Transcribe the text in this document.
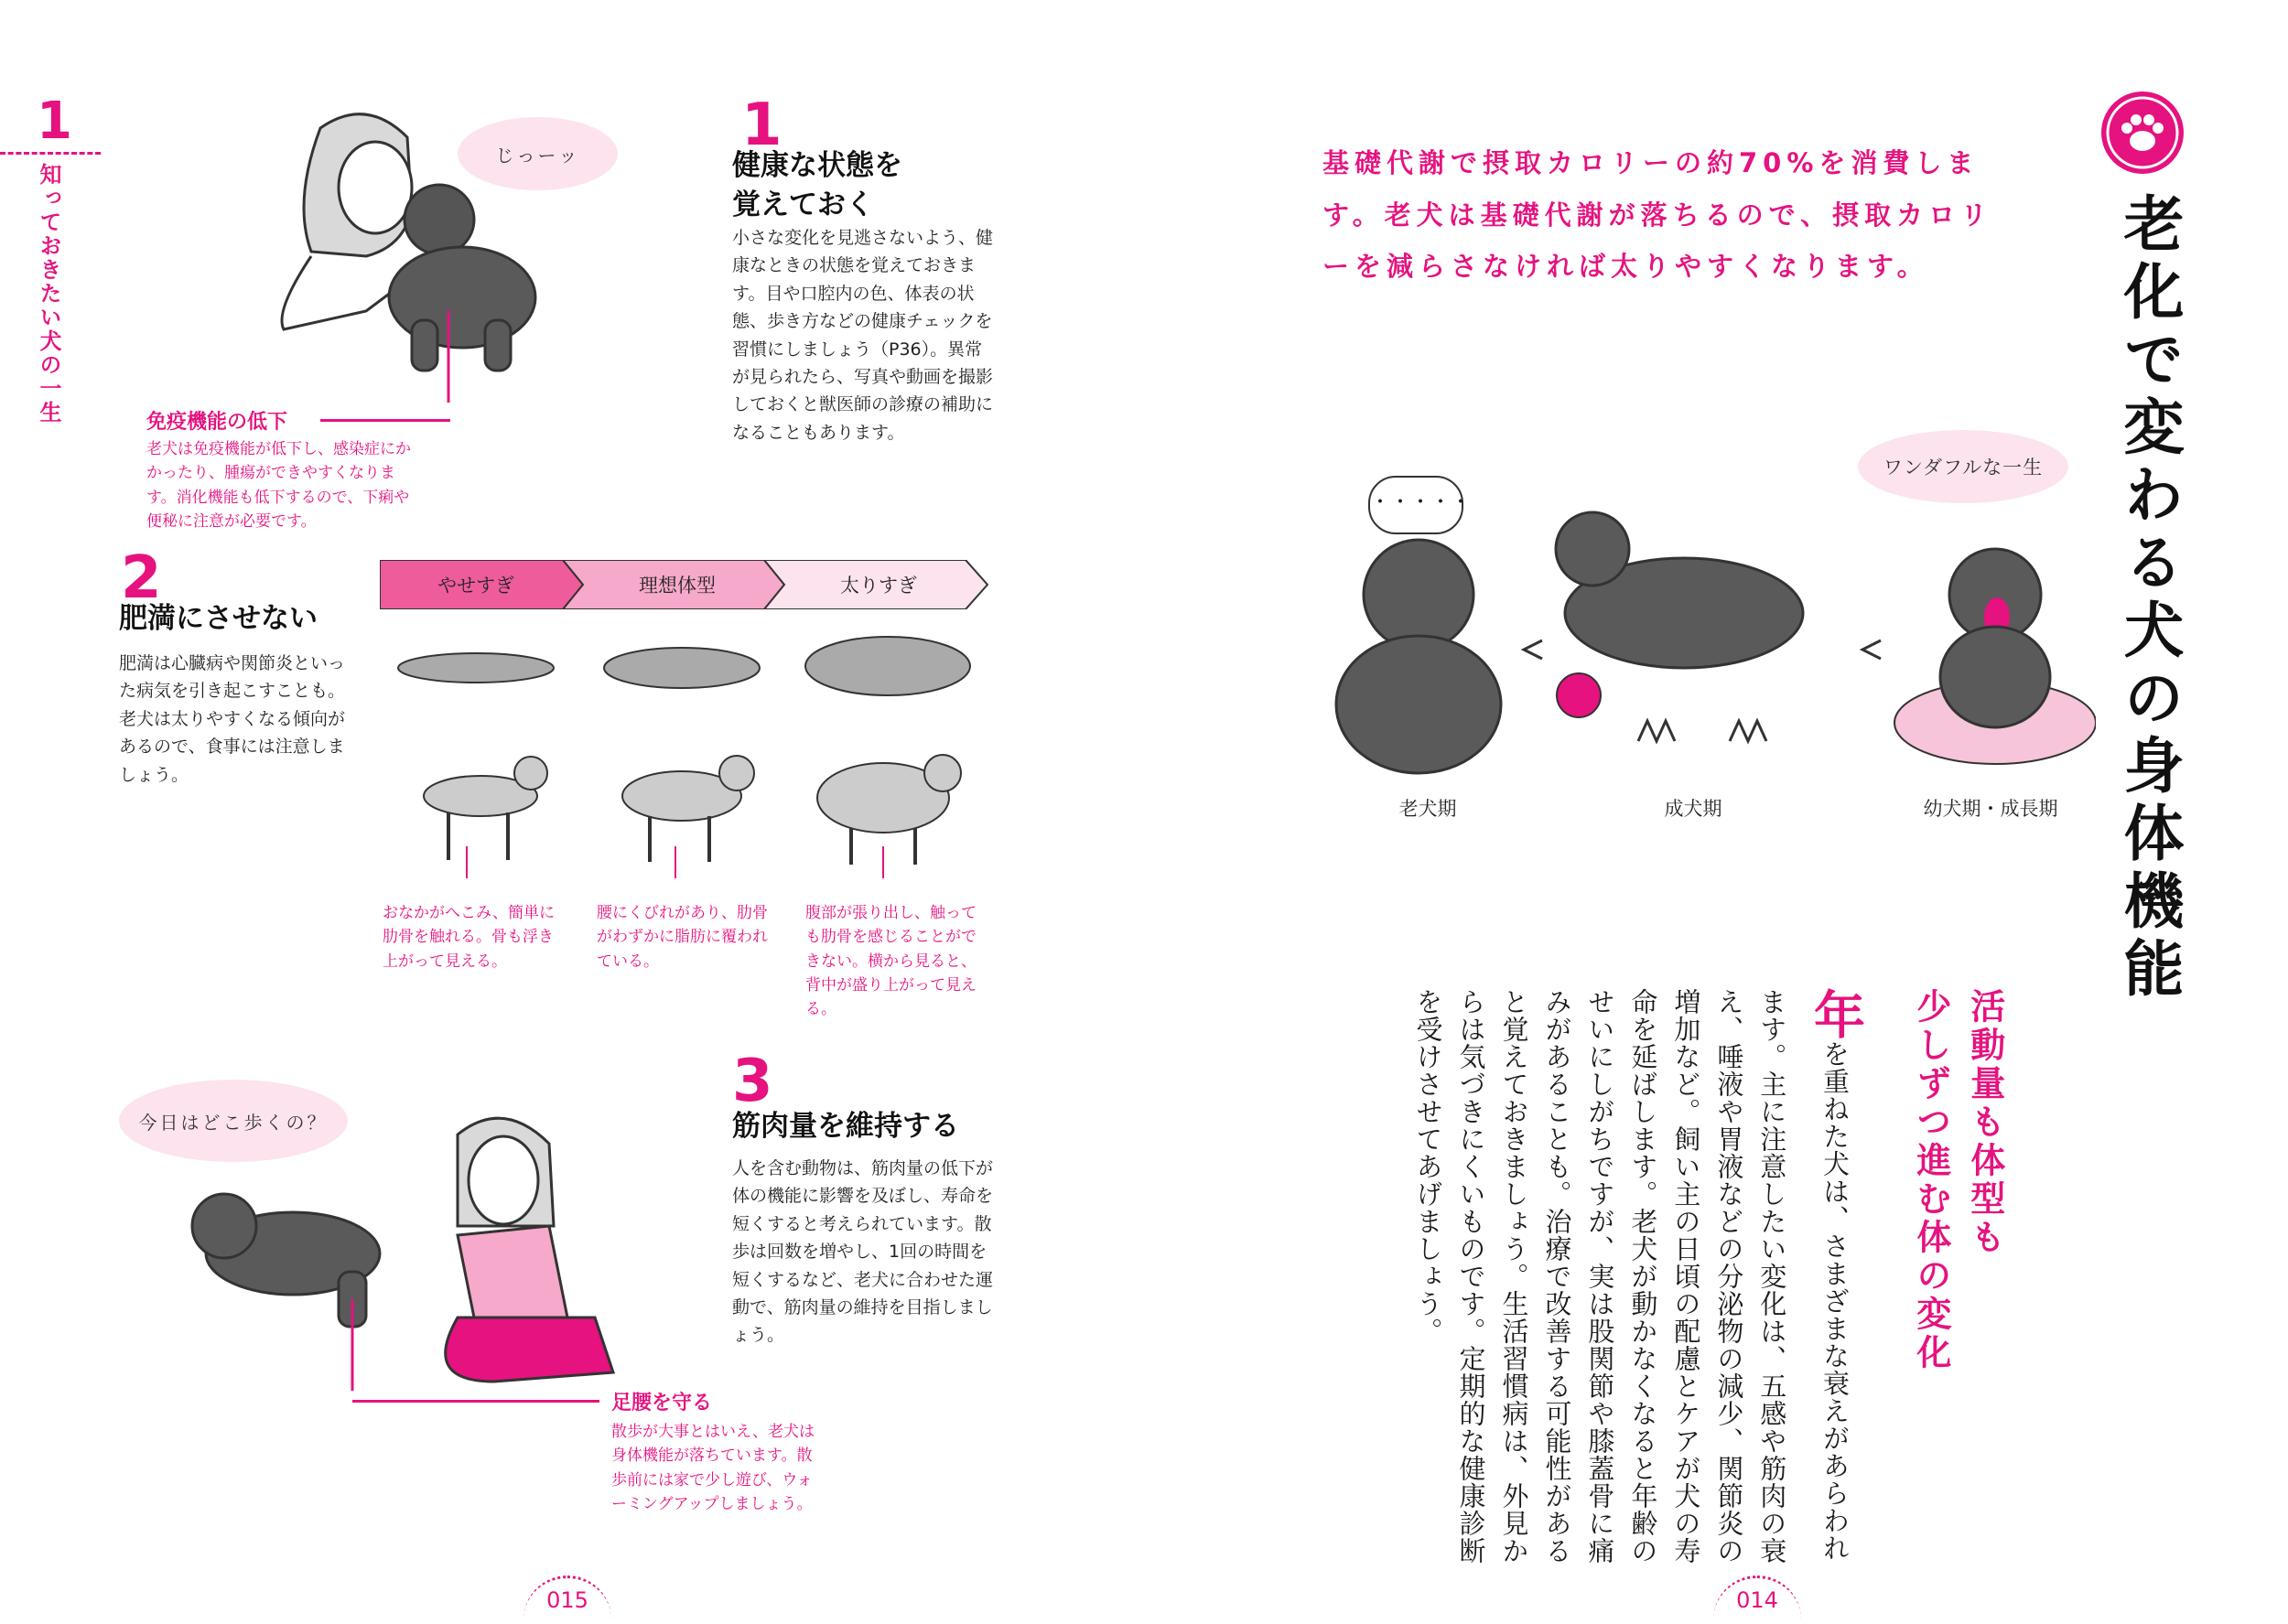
1
知っておきたい犬の一生
じっーッ
免疫機能の低下
老犬は免疫機能が低下し、感染症にかかったり、腫瘍ができやすくなります。消化機能も低下するので、下痢や便秘に注意が必要です。
1
健康な状態を
覚えておく
小さな変化を見逃さないよう、健康なときの状態を覚えておきます。目や口腔内の色、体表の状態、歩き方などの健康チェックを習慣にしましょう（P36）。異常が見られたら、写真や動画を撮影しておくと獣医師の診療の補助になることもあります。
2
肥満にさせない
肥満は心臓病や関節炎といった病気を引き起こすことも。老犬は太りやすくなる傾向があるので、食事には注意しましょう。
やせすぎ	理想体型	太りすぎ
おなかがへこみ、簡単に肋骨を触れる。骨も浮き上がって見える。
腰にくびれがあり、肋骨がわずかに脂肪に覆われている。
腹部が張り出し、触っても肋骨を感じることができない。横から見ると、背中が盛り上がって見える。
今日はどこ歩くの？
3
筋肉量を維持する
人を含む動物は、筋肉量の低下が体の機能に影響を及ぼし、寿命を短くすると考えられています。散歩は回数を増やし、1回の時間を短くするなど、老犬に合わせた運動で、筋肉量の維持を目指しましょう。
足腰を守る
散歩が大事とはいえ、老犬は身体機能が落ちています。散歩前には家で少し遊び、ウォーミングアップしましょう。
015
基礎代謝で摂取カロリーの約70%を消費します。老犬は基礎代謝が落ちるので、摂取カロリーを減らさなければ太りやすくなります。	老化で変わる犬の身体機能
・・・・・
ワンダフルな一生
老犬期	成犬期	幼犬期・成長期
活動量も体型も
少しずつ進む体の変化
年を重ねた犬は、さまざまな衰えがあらわれます。主に注意したい変化は、五感や筋肉の衰え、唾液や胃液などの分泌物の減少、関節炎の増加など。飼い主の日頃の配慮とケアが犬の寿命を延ばします。老犬が動かなくなると年齢のせいにしがちですが、実は股関節や膝蓋骨に痛みがあることも。治療で改善する可能性があると覚えておきましょう。生活習慣病は、外見からは気づきにくいものです。定期的な健康診断を受けさせてあげましょう。
014
